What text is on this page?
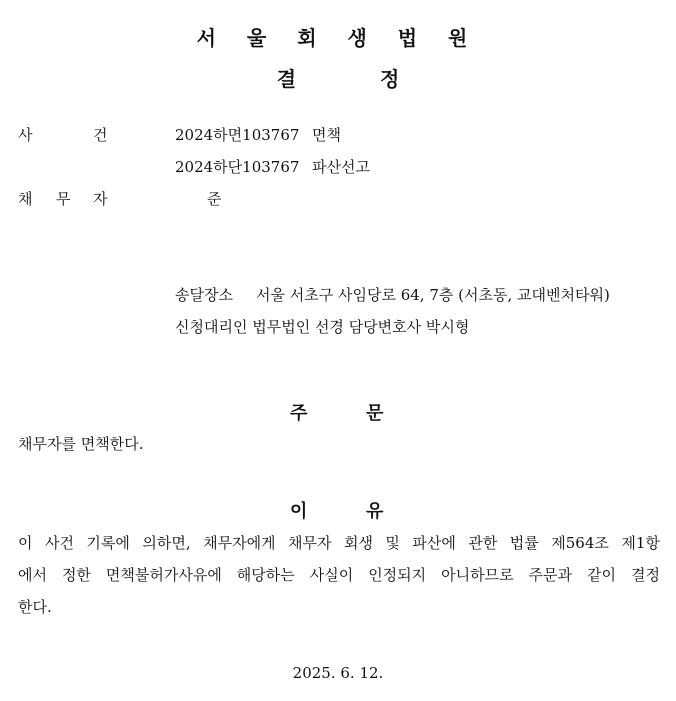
서 울 회 생 법 원
결	정
사	건	2024하면103767 면책
2024하단103767 파산선고
채 무 자	준
송달장소 서울 서초구 사임당로 64, 7층 (서초동, 교대벤처타워)
신청대리인 법무법인 선경 담당변호사 박시형
주	문
채무자를 면책한다.
이	유
이 사건 기록에 의하면, 채무자에게 채무자 회생 및 파산에 관한 법률 제564조 제1항
에서 정한 면책불허가사유에 해당하는 사실이 인정되지 아니하므로 주문과 같이 결정
한다.
2025. 6. 12.
